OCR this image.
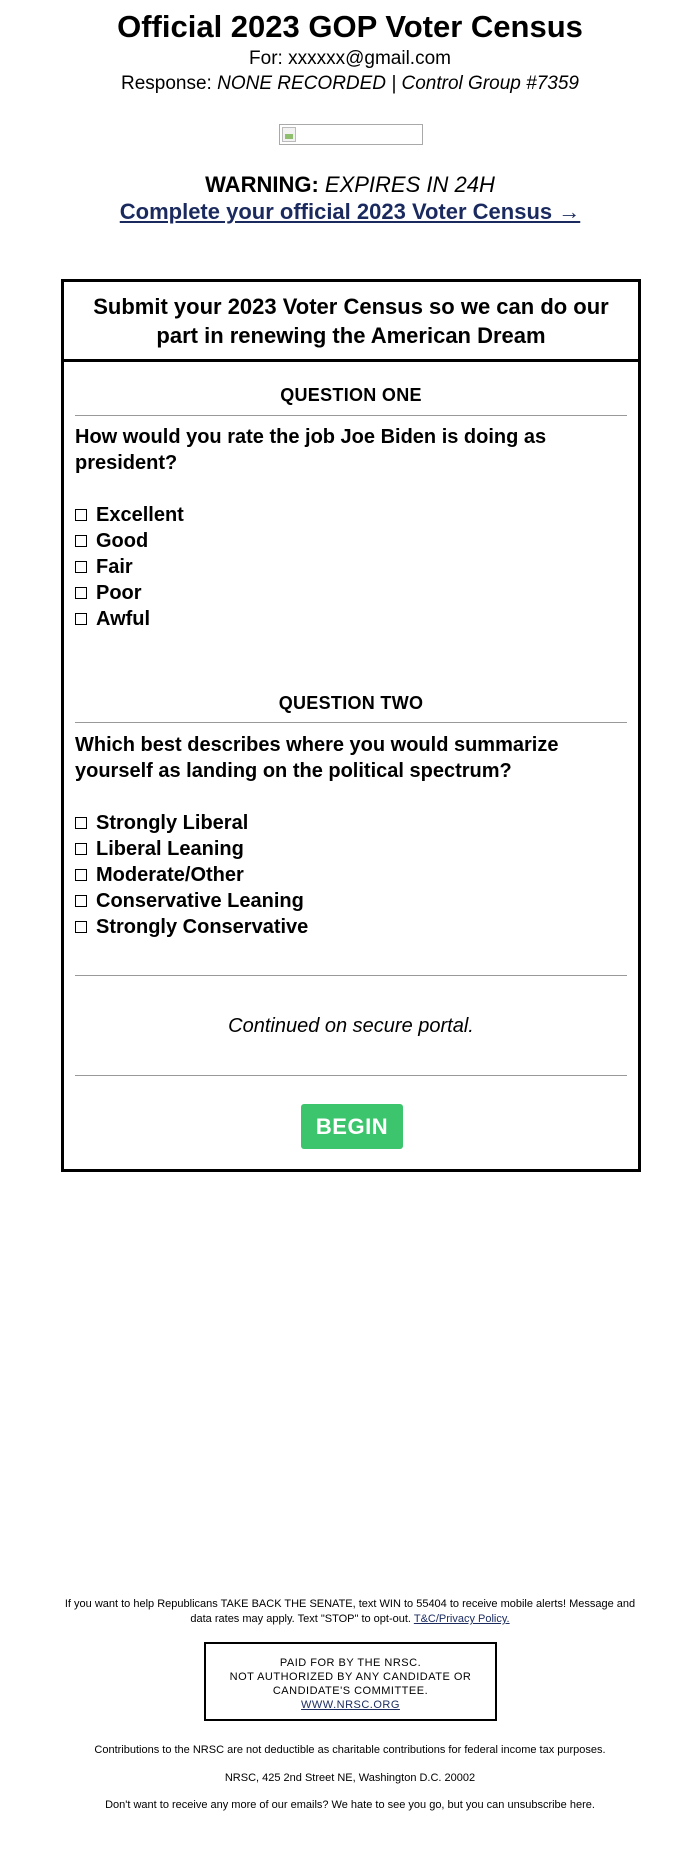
Official 2023 GOP Voter Census
For: xxxxxx@gmail.com
Response: NONE RECORDED | Control Group #7359
WARNING: EXPIRES IN 24H
Complete your official 2023 Voter Census →
Submit your 2023 Voter Census so we can do our part in renewing the American Dream
QUESTION ONE
How would you rate the job Joe Biden is doing as president?
Excellent
Good
Fair
Poor
Awful
QUESTION TWO
Which best describes where you would summarize yourself as landing on the political spectrum?
Strongly Liberal
Liberal Leaning
Moderate/Other
Conservative Leaning
Strongly Conservative
Continued on secure portal.
BEGIN
If you want to help Republicans TAKE BACK THE SENATE, text WIN to 55404 to receive mobile alerts! Message and data rates may apply. Text "STOP" to opt-out. T&C/Privacy Policy.
PAID FOR BY THE NRSC.
NOT AUTHORIZED BY ANY CANDIDATE OR CANDIDATE'S COMMITTEE.
WWW.NRSC.ORG
Contributions to the NRSC are not deductible as charitable contributions for federal income tax purposes.
NRSC, 425 2nd Street NE, Washington D.C. 20002
Don't want to receive any more of our emails? We hate to see you go, but you can unsubscribe here.
